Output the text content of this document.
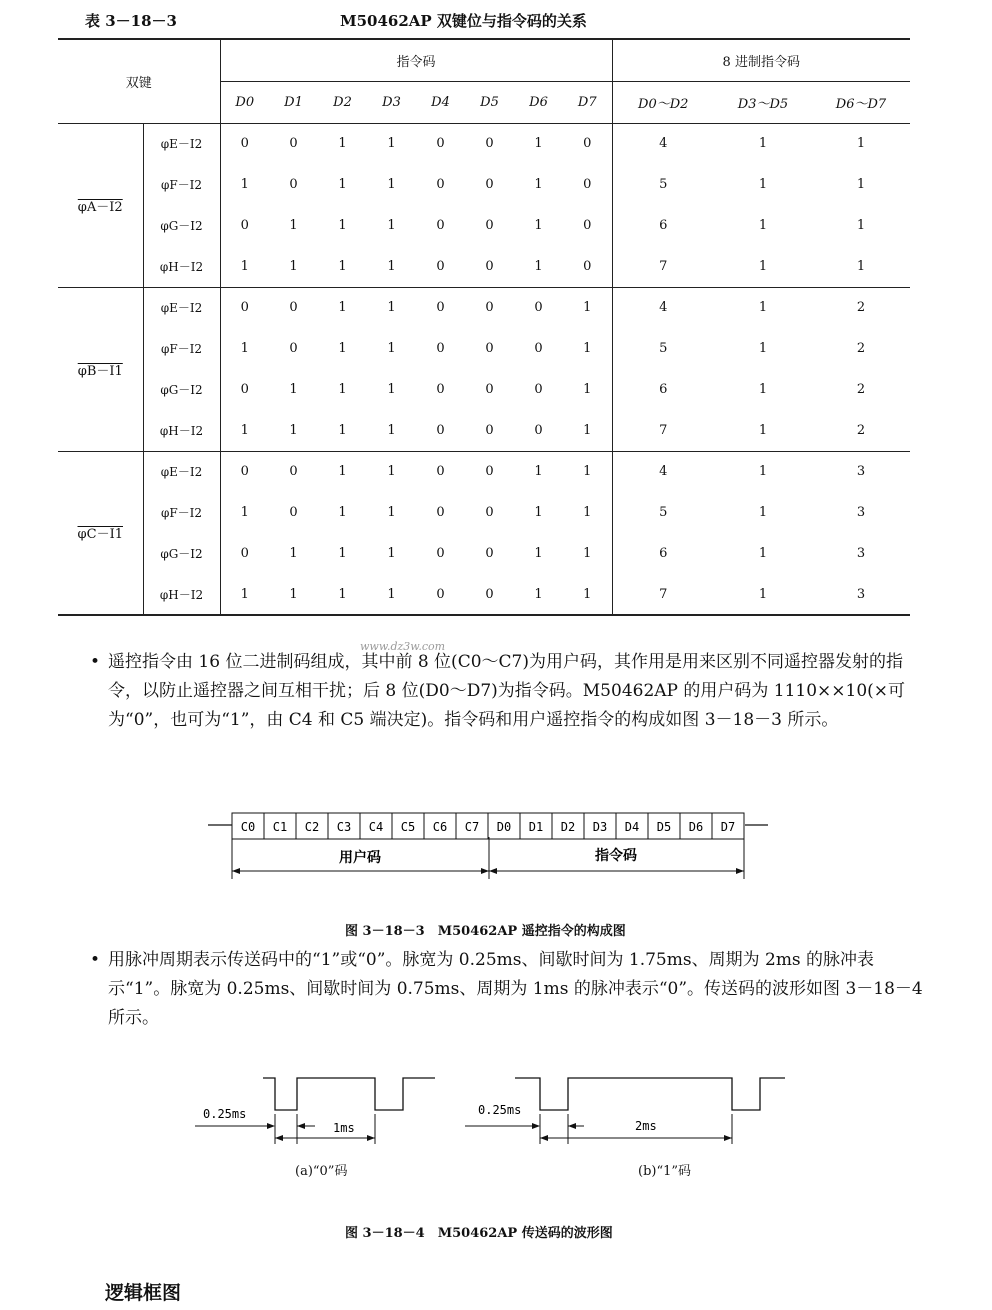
表 3－18－3	M50462AP 双键位与指令码的关系
双键		指令码								8 进制指令码		
		D0	D1	D2	D3	D4	D5	D6	D7	D0～D2	D3～D5	D6～D7
φA－I2	φE－I2	0	0	1	1	0	0	1	0	4	1	1
	φF－I2	1	0	1	1	0	0	1	0	5	1	1
	φG－I2	0	1	1	1	0	0	1	0	6	1	1
	φH－I2	1	1	1	1	0	0	1	0	7	1	1
φB－I1	φE－I2	0	0	1	1	0	0	0	1	4	1	2
	φF－I2	1	0	1	1	0	0	0	1	5	1	2
	φG－I2	0	1	1	1	0	0	0	1	6	1	2
	φH－I2	1	1	1	1	0	0	0	1	7	1	2
φC－I1	φE－I2	0	0	1	1	0	0	1	1	4	1	3
	φF－I2	1	0	1	1	0	0	1	1	5	1	3
	φG－I2	0	1	1	1	0	0	1	1	6	1	3
	φH－I2	1	1	1	1	0	0	1	1	7	1	3
• 遥控指令由 16 位二进制码组成，其中前 8 位(C0～C7)为用户码，其作用是用来区别不同遥控器发射的指令，以防止遥控器之间互相干扰；后 8 位(D0～D7)为指令码。M50462AP 的用户码为 1110××10(×可为“0”，也可为“1”，由 C4 和 C5 端决定)。指令码和用户遥控指令的构成如图 3－18－3 所示。
www.dz3w.com
C0 C1 C2 C3 C4 C5 C6 C7 D0 D1 D2 D3 D4 D5 D6 D7
用户码	指令码
图 3－18－3　M50462AP 遥控指令的构成图
• 用脉冲周期表示传送码中的“1”或“0”。脉宽为 0.25ms、间歇时间为 1.75ms、周期为 2ms 的脉冲表示“1”。脉宽为 0.25ms、间歇时间为 0.75ms、周期为 1ms 的脉冲表示“0”。传送码的波形如图 3－18－4 所示。
0.25ms
1ms
(a)“0”码
0.25ms
2ms
(b)“1”码
图 3－18－4　M50462AP 传送码的波形图
逻辑框图
